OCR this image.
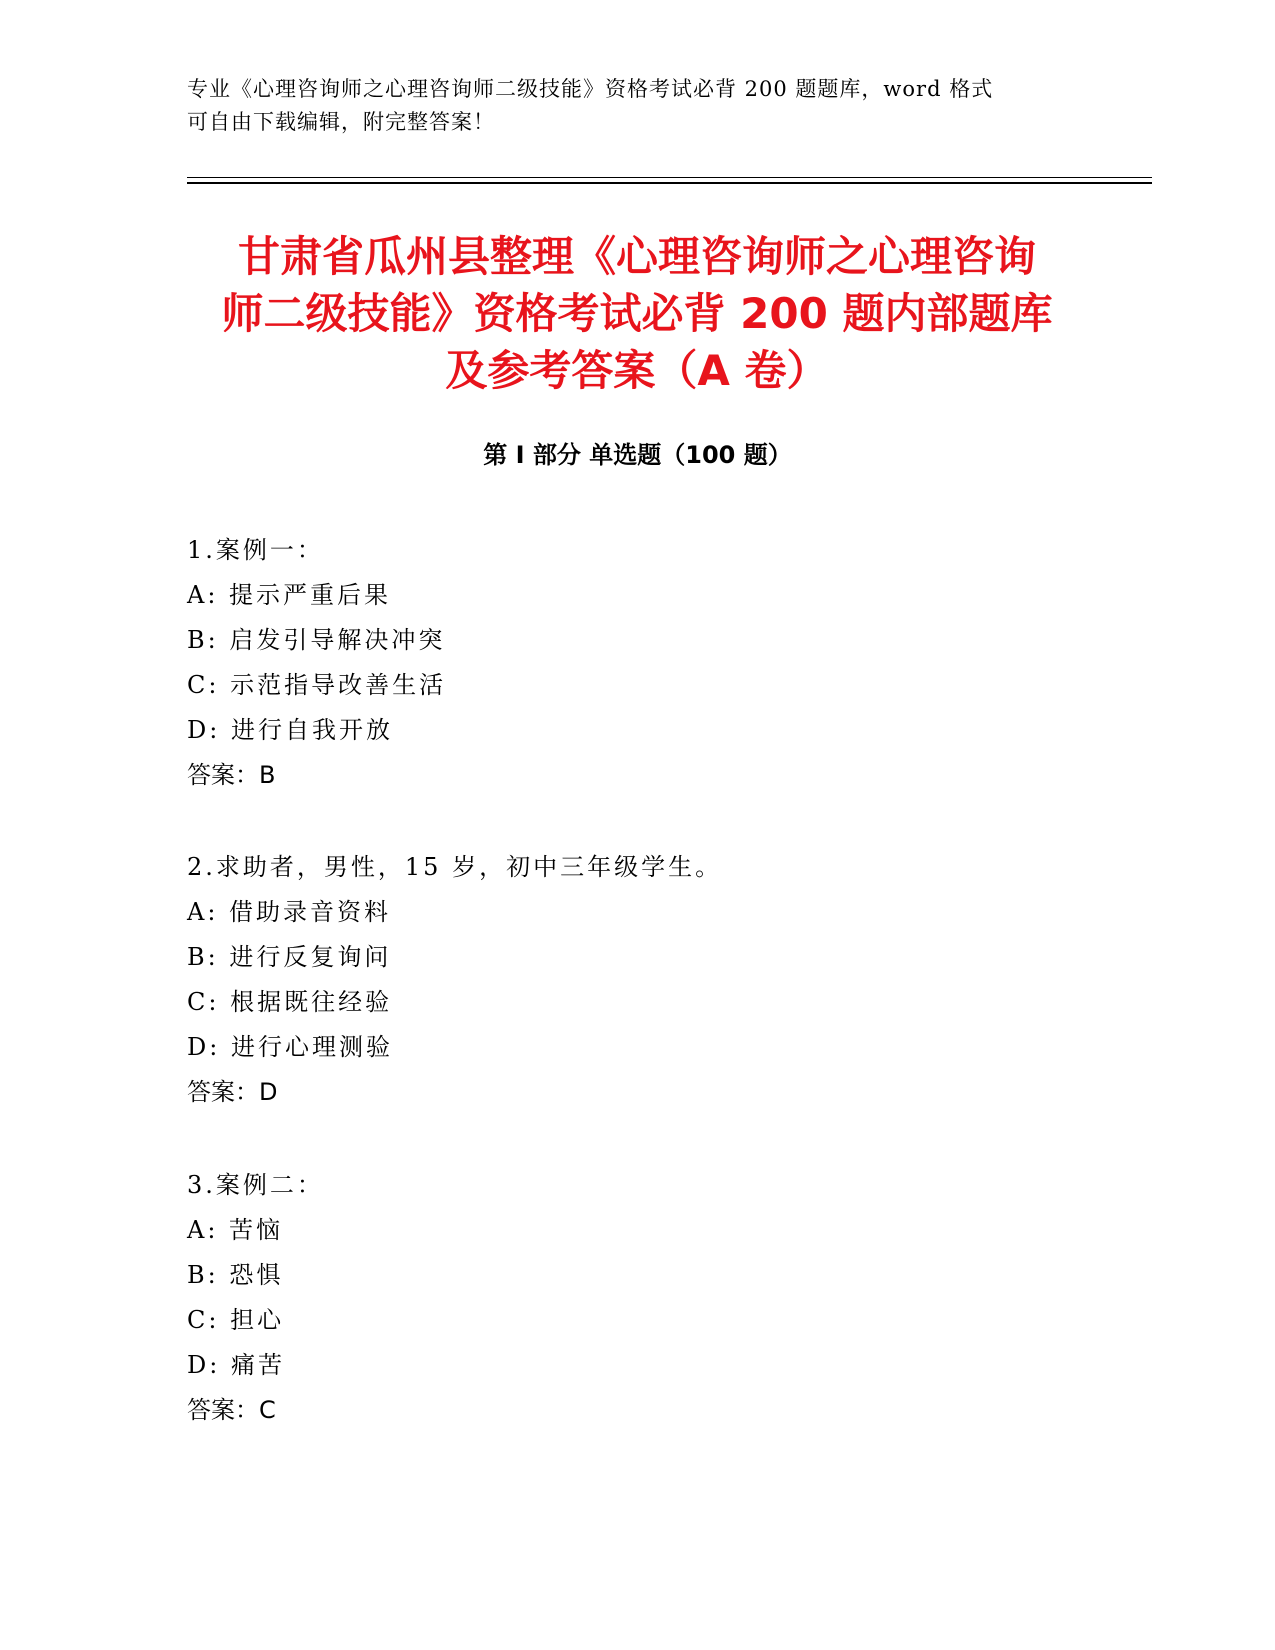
专业《心理咨询师之心理咨询师二级技能》资格考试必背 200 题题库，word 格式

可自由下载编辑，附完整答案！

甘肃省瓜州县整理《心理咨询师之心理咨询
师二级技能》资格考试必背 200 题内部题库
及参考答案（A 卷）
第 I 部分 单选题（100 题）
1.案例一：
A: 提示严重后果
B: 启发引导解决冲突
C: 示范指导改善生活
D: 进行自我开放
答案：B
2.求助者，男性，15 岁，初中三年级学生。
A: 借助录音资料
B: 进行反复询问
C: 根据既往经验
D: 进行心理测验
答案：D
3.案例二：
A: 苦恼
B: 恐惧
C: 担心
D: 痛苦
答案：C
